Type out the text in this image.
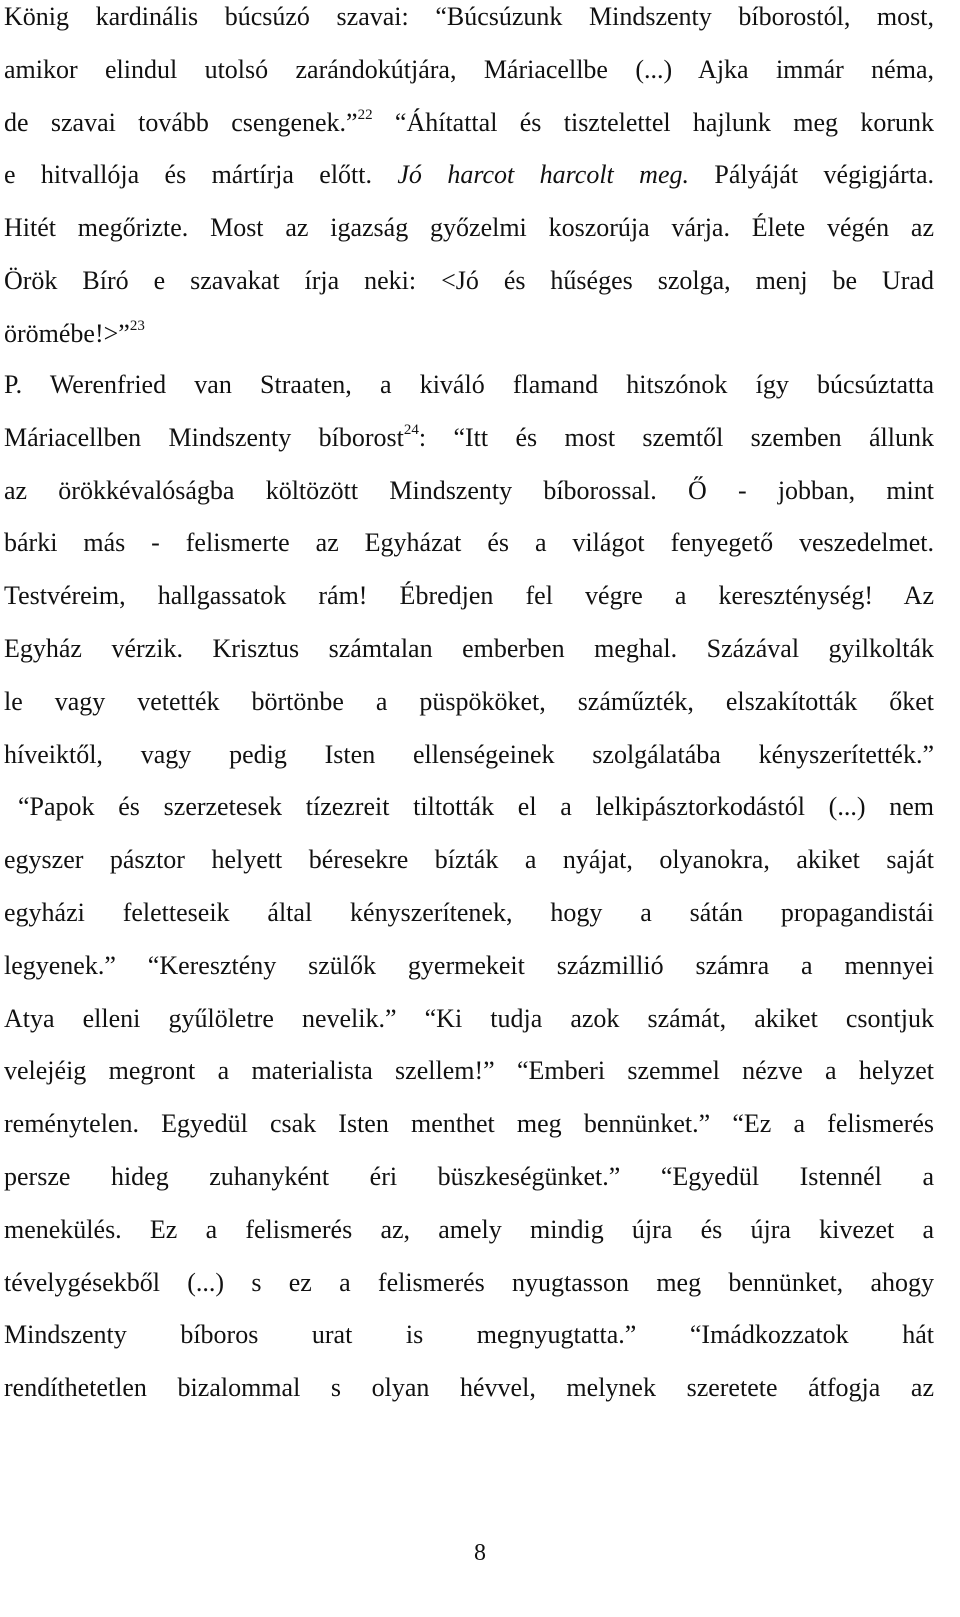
König kardinális búcsúzó szavai: “Búcsúzunk Mindszenty bíborostól, most,
amikor elindul utolsó zarándokútjára, Máriacellbe (...) Ajka immár néma,
de szavai tovább csengenek.”$^{22}$ “Áhítattal és tisztelettel hajlunk meg korunk
e hitvallója és mártírja előtt. Jó harcot harcolt meg. Pályáját végigjárta.
Hitét megőrizte. Most az igazság győzelmi koszorúja várja. Élete végén az
Örök Bíró e szavakat írja neki: <Jó és hűséges szolga, menj be Urad
örömébe!>”$^{23}$
P. Werenfried van Straaten, a kiváló flamand hitszónok így búcsúztatta
Máriacellben Mindszenty bíborost$^{24}$: “Itt és most szemtől szemben állunk
az örökkévalóságba költözött Mindszenty bíborossal. Ő - jobban, mint
bárki más - felismerte az Egyházat és a világot fenyegető veszedelmet.
Testvéreim, hallgassatok rám! Ébredjen fel végre a kereszténység! Az
Egyház vérzik. Krisztus számtalan emberben meghal. Százával gyilkolták
le vagy vetették börtönbe a püspököket, száműzték, elszakították őket
híveiktől, vagy pedig Isten ellenségeinek szolgálatába kényszerítették.”
“Papok és szerzetesek tízezreit tiltották el a lelkipásztorkodástól (...) nem
egyszer pásztor helyett béresekre bízták a nyájat, olyanokra, akiket saját
egyházi feletteseik által kényszerítenek, hogy a sátán propagandistái
legyenek.” “Keresztény szülők gyermekeit százmillió számra a mennyei
Atya elleni gyűlöletre nevelik.” “Ki tudja azok számát, akiket csontjuk
velejéig megront a materialista szellem!” “Emberi szemmel nézve a helyzet
reménytelen. Egyedül csak Isten menthet meg bennünket.” “Ez a felismerés
persze hideg zuhanyként éri büszkeségünket.” “Egyedül Istennél a
menekülés. Ez a felismerés az, amely mindig újra és újra kivezet a
tévelygésekből (...) s ez a felismerés nyugtasson meg bennünket, ahogy
Mindszenty bíboros urat is megnyugtatta.” “Imádkozzatok hát
rendíthetetlen bizalommal s olyan hévvel, melynek szeretete átfogja az
8
